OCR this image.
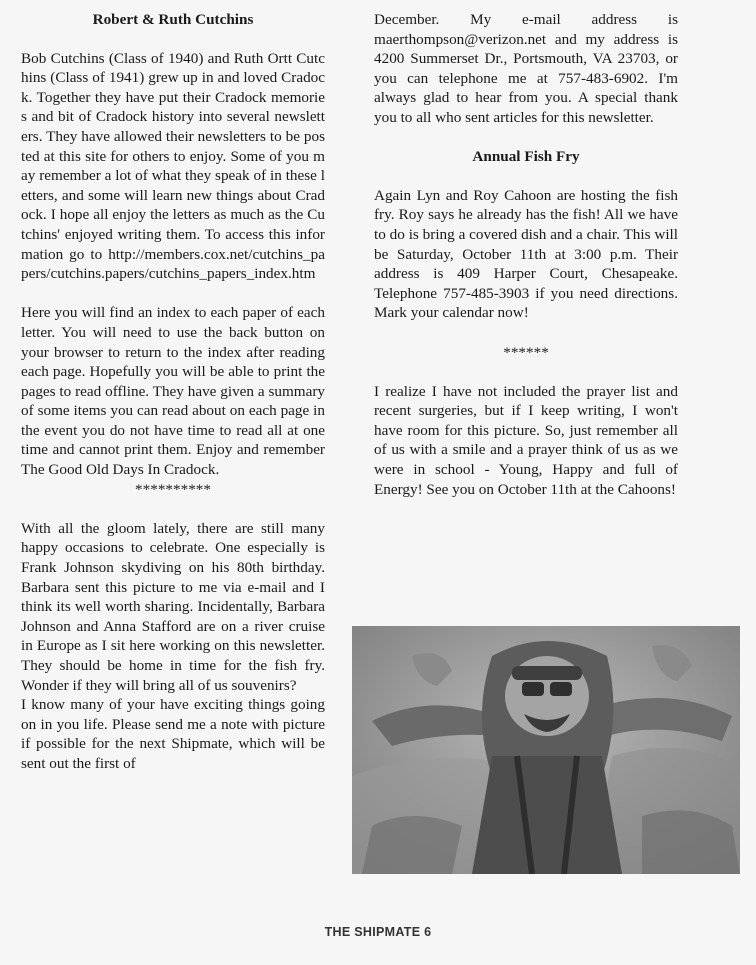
Robert & Ruth Cutchins

Bob Cutchins (Class of 1940) and Ruth Ortt Cutchins (Class of 1941) grew up in and loved Cradock. Together they have put their Cradock memories and bit of Cradock history into several newsletters. They have allowed their newsletters to be posted at this site for others to enjoy. Some of you may remember a lot of what they speak of in these letters, and some will learn new things about Cradock. I hope all enjoy the letters as much as the Cutchins' enjoyed writing them. To access this information go to http://members.cox.net/cutchins_papers/cutchins.papers/cutchins_papers_index.htm

Here you will find an index to each paper of each letter. You will need to use the back button on your browser to return to the index after reading each page. Hopefully you will be able to print the pages to read offline. They have given a summary of some items you can read about on each page in the event you do not have time to read all at one time and cannot print them. Enjoy and remember The Good Old Days In Cradock.

**********

With all the gloom lately, there are still many happy occasions to celebrate. One especially is Frank Johnson skydiving on his 80th birthday. Barbara sent this picture to me via e-mail and I think its well worth sharing. Incidentally, Barbara Johnson and Anna Stafford are on a river cruise in Europe as I sit here working on this newsletter. They should be home in time for the fish fry. Wonder if they will bring all of us souvenirs?

I know many of your have exciting things going on in you life. Please send me a note with picture if possible for the next Shipmate, which will be sent out the first of

December. My e-mail address is maerthompson@verizon.net and my address is 4200 Summerset Dr., Portsmouth, VA 23703, or you can telephone me at 757-483-6902. I'm always glad to hear from you. A special thank you to all who sent articles for this newsletter.

Annual Fish Fry

Again Lyn and Roy Cahoon are hosting the fish fry. Roy says he already has the fish! All we have to do is bring a covered dish and a chair. This will be Saturday, October 11th at 3:00 p.m. Their address is 409 Harper Court, Chesapeake. Telephone 757-485-3903 if you need directions. Mark your calendar now!

******

I realize I have not included the prayer list and recent surgeries, but if I keep writing, I won't have room for this picture. So, just remember all of us with a smile and a prayer think of us as we were in school - Young, Happy and full of Energy! See you on October 11th at the Cahoons!

THE SHIPMATE 6
